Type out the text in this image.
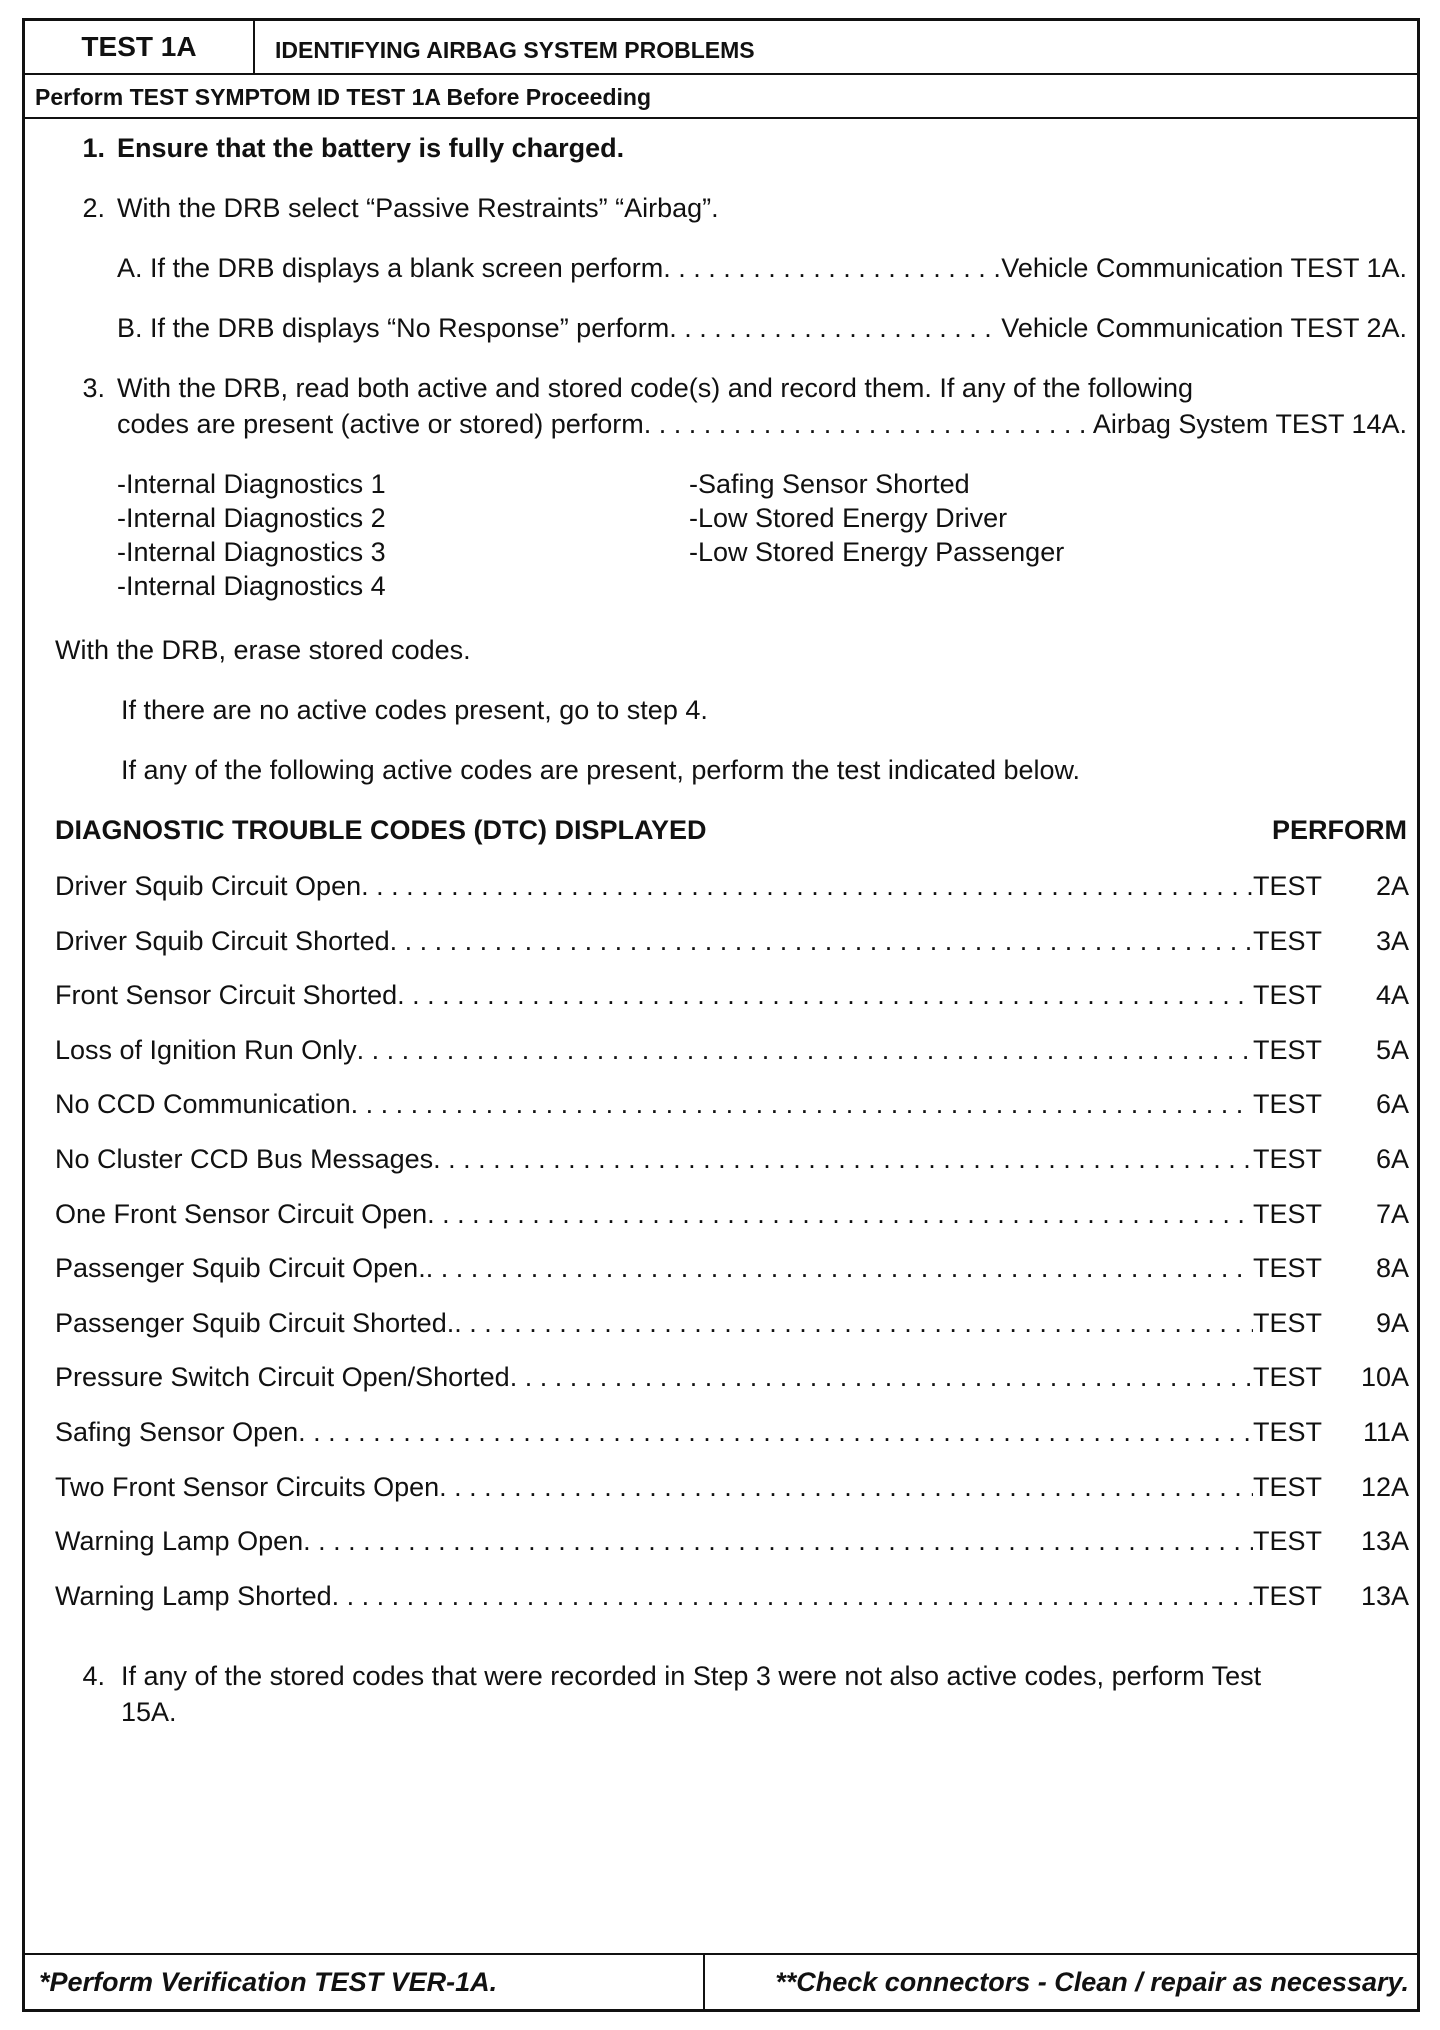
TEST 1A	IDENTIFYING AIRBAG SYSTEM PROBLEMS
Perform TEST SYMPTOM ID TEST 1A Before Proceeding
1. Ensure that the battery is fully charged.
2. With the DRB select “Passive Restraints” “Airbag”.
A. If the DRB displays a blank screen perform . . .	Vehicle Communication TEST 1A.
B. If the DRB displays “No Response” perform . . .	Vehicle Communication TEST 2A.
3. With the DRB, read both active and stored code(s) and record them. If any of the following
codes are present (active or stored) perform . . .	Airbag System TEST 14A.
-Internal Diagnostics 1
-Internal Diagnostics 2
-Internal Diagnostics 3
-Internal Diagnostics 4
-Safing Sensor Shorted
-Low Stored Energy Driver
-Low Stored Energy Passenger
With the DRB, erase stored codes.
If there are no active codes present, go to step 4.
If any of the following active codes are present, perform the test indicated below.
DIAGNOSTIC TROUBLE CODES (DTC) DISPLAYED	PERFORM
Driver Squib Circuit Open . . .	TEST 2A
Driver Squib Circuit Shorted . . .	TEST 3A
Front Sensor Circuit Shorted . . .	TEST 4A
Loss of Ignition Run Only . . .	TEST 5A
No CCD Communication . . .	TEST 6A
No Cluster CCD Bus Messages . . .	TEST 6A
One Front Sensor Circuit Open . . .	TEST 7A
Passenger Squib Circuit Open. . . .	TEST 8A
Passenger Squib Circuit Shorted. . . .	TEST 9A
Pressure Switch Circuit Open/Shorted . . .	TEST 10A
Safing Sensor Open . . .	TEST 11A
Two Front Sensor Circuits Open . . .	TEST 12A
Warning Lamp Open . . .	TEST 13A
Warning Lamp Shorted . . .	TEST 13A
4. If any of the stored codes that were recorded in Step 3 were not also active codes, perform Test
15A.
*Perform Verification TEST VER-1A.	**Check connectors - Clean / repair as necessary.
